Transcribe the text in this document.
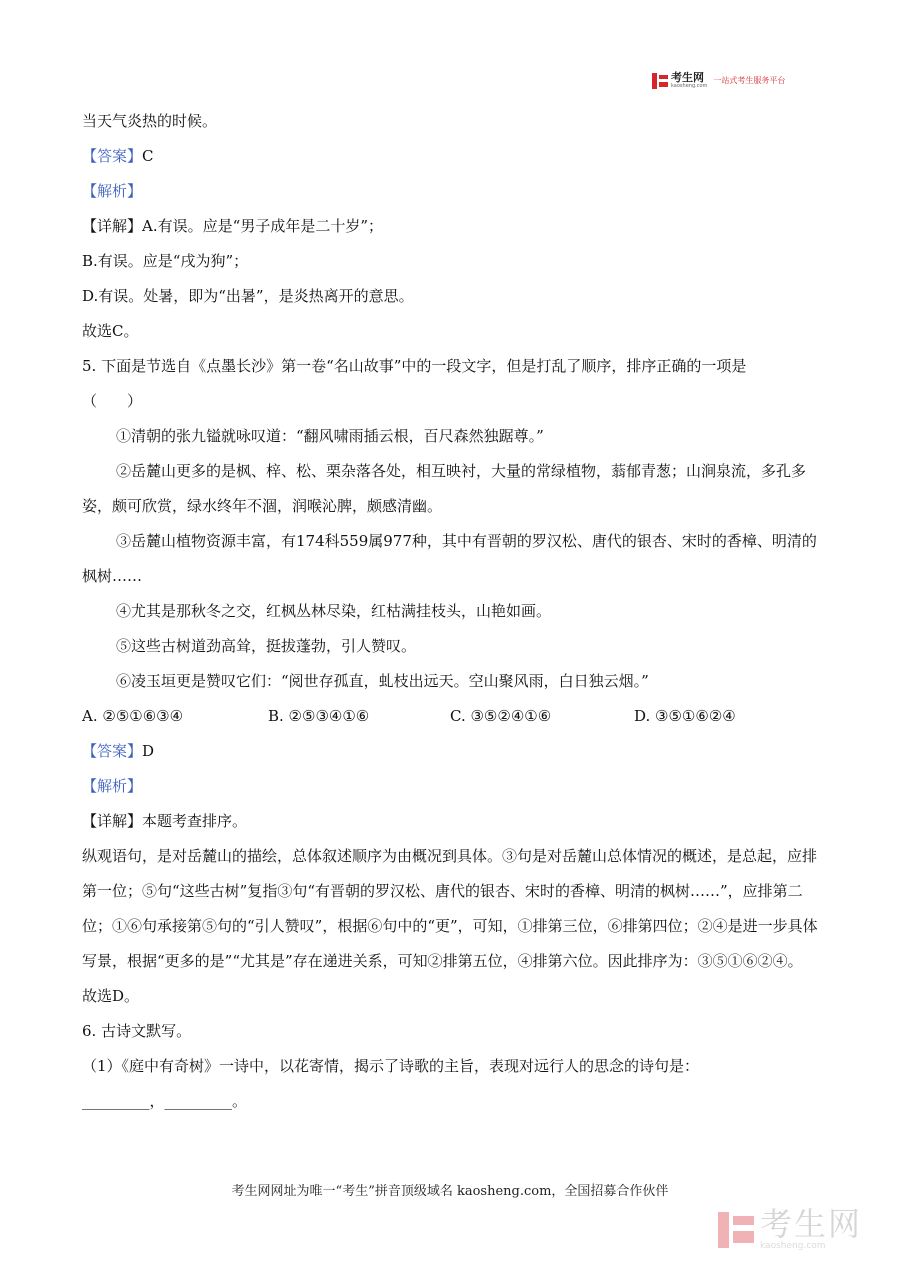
考生网
kaosheng.com
一站式考生服务平台
当天气炎热的时候。
【答案】C
【解析】
【详解】A.有误。应是“男子成年是二十岁”；
B.有误。应是“戌为狗”；
D.有误。处暑，即为“出暑”，是炎热离开的意思。
故选C。
5. 下面是节选自《点墨长沙》第一卷“名山故事”中的一段文字，但是打乱了顺序，排序正确的一项是
（　　）
①清朝的张九镒就咏叹道：“翻风啸雨插云根，百尺森然独踞尊。”
②岳麓山更多的是枫、梓、松、栗杂落各处，相互映衬，大量的常绿植物，蓊郁青葱；山涧泉流，多孔多姿，颇可欣赏，绿水终年不涸，润喉沁脾，颇感清幽。
③岳麓山植物资源丰富，有174科559属977种，其中有晋朝的罗汉松、唐代的银杏、宋时的香樟、明清的枫树……
④尤其是那秋冬之交，红枫丛林尽染，红枯满挂枝头，山艳如画。
⑤这些古树道劲高耸，挺拔蓬勃，引人赞叹。
⑥凌玉垣更是赞叹它们：“阅世存孤直，虬枝出远天。空山聚风雨，白日独云烟。”
A. ②⑤①⑥③④	B. ②⑤③④①⑥	C. ③⑤②④①⑥	D. ③⑤①⑥②④
【答案】D
【解析】
【详解】本题考查排序。
纵观语句，是对岳麓山的描绘，总体叙述顺序为由概况到具体。③句是对岳麓山总体情况的概述，是总起，应排第一位；⑤句“这些古树”复指③句“有晋朝的罗汉松、唐代的银杏、宋时的香樟、明清的枫树……”，应排第二位；①⑥句承接第⑤句的“引人赞叹”，根据⑥句中的“更”，可知，①排第三位，⑥排第四位；②④是进一步具体写景，根据“更多的是”“尤其是”存在递进关系，可知②排第五位，④排第六位。因此排序为：③⑤①⑥②④。
故选D。
6. 古诗文默写。
（1）《庭中有奇树》一诗中，以花寄情，揭示了诗歌的主旨，表现对远行人的思念的诗句是：
_________，_________。
考生网网址为唯一“考生”拼音顶级域名 kaosheng.com，全国招募合作伙伴
考生网
kaosheng.com
